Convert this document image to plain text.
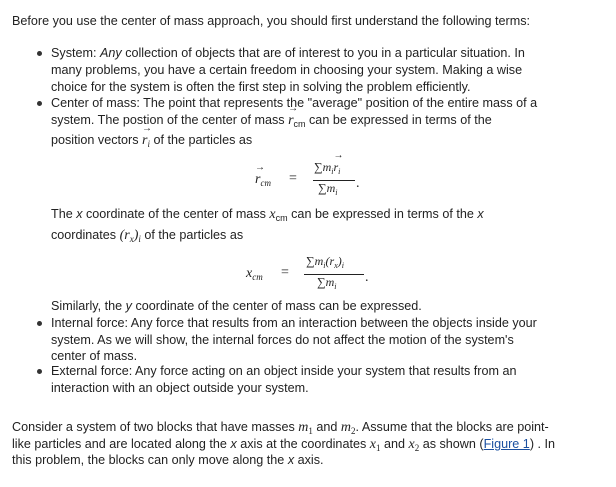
Before you use the center of mass approach, you should first understand the following terms:
System: Any collection of objects that are of interest to you in a particular situation. In
many problems, you have a certain freedom in choosing your system. Making a wise
choice for the system is often the first step in solving the problem efficiently.
Center of mass: The point that represents the "average" position of the entire mass of a
system. The postion of the center of mass → $r_{cm}$ can be expressed in terms of the
position vectors → $r_i$ of the particles as
→ $r_{cm}$ =
$\sum m_i\to r_i$
$\sum m_i$
.
The x coordinate of the center of mass $x_{cm}$ can be expressed in terms of the x
coordinates $(r_x)_i$ of the particles as
$x_{cm}$ =
$\sum m_i(r_x)_i$
$\sum m_i$
.
Similarly, the y coordinate of the center of mass can be expressed.
Internal force: Any force that results from an interaction between the objects inside your
system. As we will show, the internal forces do not affect the motion of the system's
center of mass.
External force: Any force acting on an object inside your system that results from an
interaction with an object outside your system.
Consider a system of two blocks that have masses $m_1$ and $m_2$. Assume that the blocks are point-
like particles and are located along the x axis at the coordinates $x_1$ and $x_2$ as shown (Figure 1) . In
this problem, the blocks can only move along the x axis.
